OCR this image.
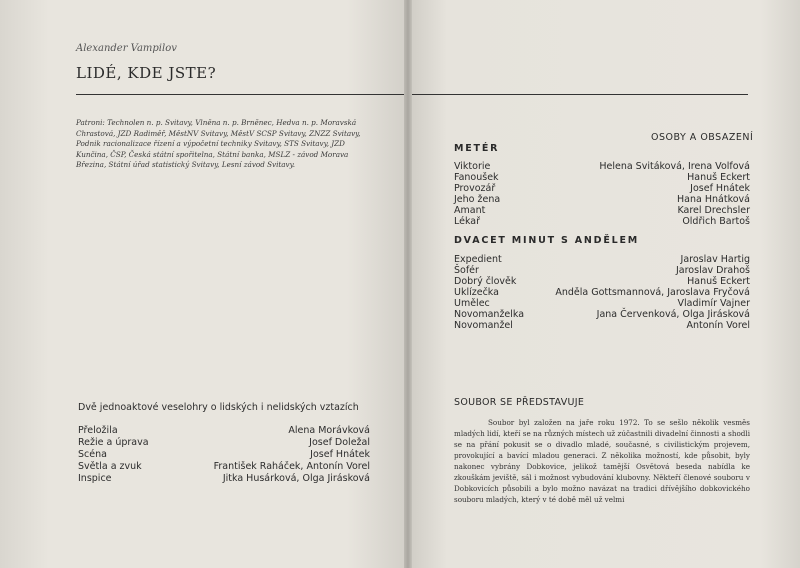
Alexander Vampilov
LIDÉ, KDE JSTE?
Patroni: Technolen n. p. Svitavy, Vlněna n. p. Brněnec, Hedva n. p. Moravská Chrastová, JZD Radiměř, MěstNV Svitavy, MěstV SCSP Svitavy, ZNZZ Svitavy, Podnik racionalizace řízení a výpočetní techniky Svitavy, STS Svitavy, JZD Kunčina, ČSP, Česká státní spořitelna, Státní banka, MSLZ - závod Morava Březina, Státní úřad statistický Svitavy, Lesní závod Svitavy.
Dvě jednoaktové veselohry o lidských i nelidských vztazích
Přeložila	Alena Morávková
Režie a úprava	Josef Doležal
Scéna	Josef Hnátek
Světla a zvuk	František Raháček, Antonín Vorel
Inspice	Jitka Husárková, Olga Jirásková
OSOBY A OBSAZENÍ
METÉR
Viktorie	Helena Svitáková, Irena Volfová
Fanoušek	Hanuš Eckert
Provozář	Josef Hnátek
Jeho žena	Hana Hnátková
Amant	Karel Drechsler
Lékař	Oldřich Bartoš
DVACET MINUT S ANDĚLEM
Expedient	Jaroslav Hartig
Šofér	Jaroslav Drahoš
Dobrý člověk	Hanuš Eckert
Uklízečka	Anděla Gottsmannová, Jaroslava Fryčová
Umělec	Vladimír Vajner
Novomanželka	Jana Červenková, Olga Jirásková
Novomanžel	Antonín Vorel
SOUBOR SE PŘEDSTAVUJE
Soubor byl založen na jaře roku 1972. To se sešlo několik vesměs mladých lidí, kteří se na různých místech už zúčastnili divadelní činnosti a shodli se na přání pokusit se o divadlo mladé, současné, s civilistickým projevem, provokující a bavící mladou generaci. Z několika možností, kde působit, byly nakonec vybrány Dobkovice, jelikož tamější Osvětová beseda nabídla ke zkouškám jeviště, sál i možnost vybudování klubovny. Někteří členové souboru v Dobkovicích působili a bylo možno navázat na tradici dřívějšího dobkovického souboru mladých, který v té době měl už velmi
